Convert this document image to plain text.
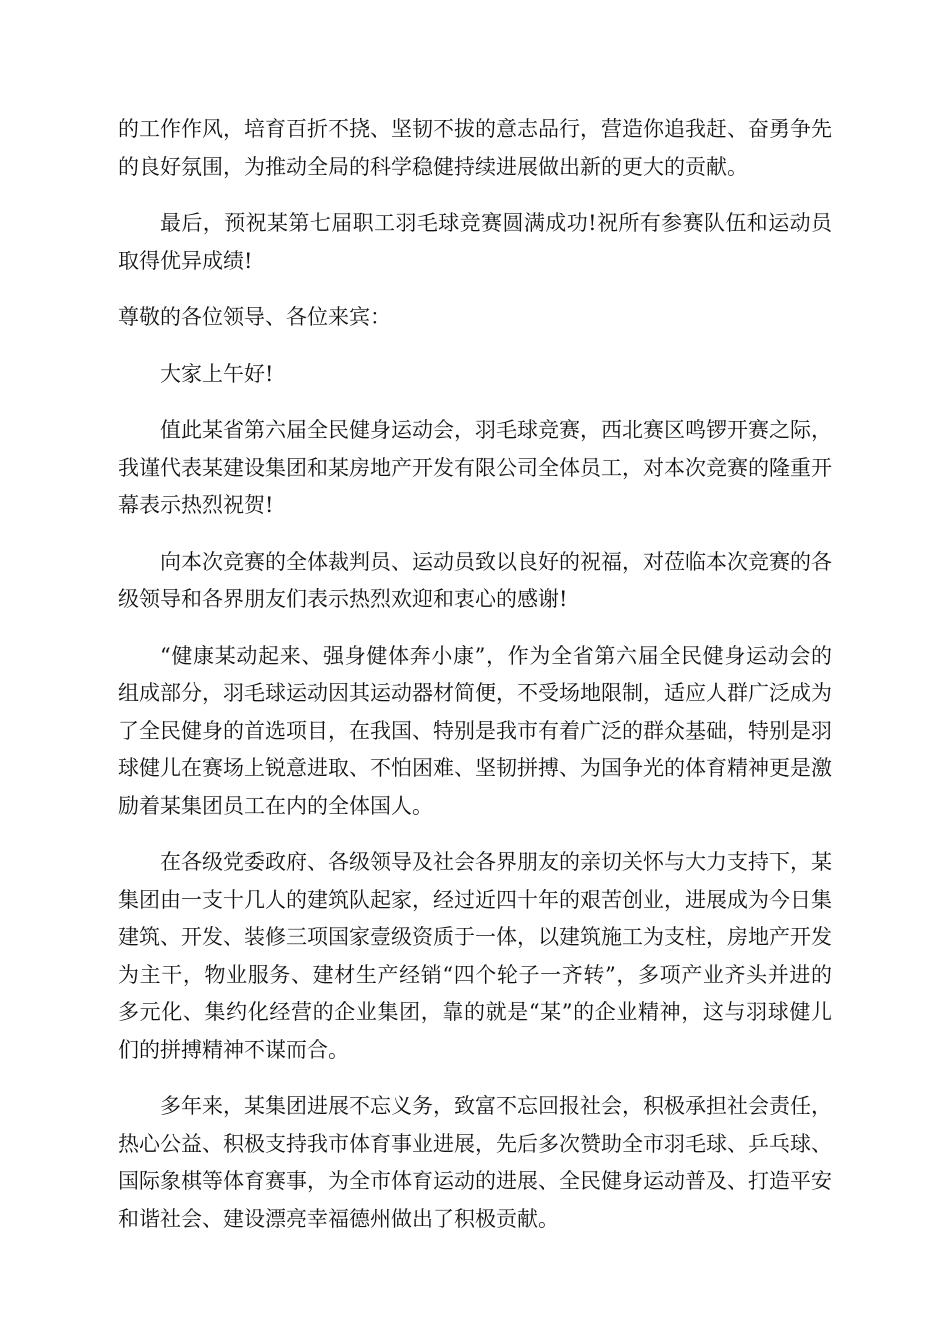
的工作作风，培育百折不挠、坚韧不拔的意志品行，营造你追我赶、奋勇争先的良好氛围，为推动全局的科学稳健持续进展做出新的更大的贡献。

最后，预祝某第七届职工羽毛球竞赛圆满成功!祝所有参赛队伍和运动员取得优异成绩!

尊敬的各位领导、各位来宾：

大家上午好!

值此某省第六届全民健身运动会，羽毛球竞赛，西北赛区鸣锣开赛之际，我谨代表某建设集团和某房地产开发有限公司全体员工，对本次竞赛的隆重开幕表示热烈祝贺!

向本次竞赛的全体裁判员、运动员致以良好的祝福，对莅临本次竞赛的各级领导和各界朋友们表示热烈欢迎和衷心的感谢!

“健康某动起来、强身健体奔小康”，作为全省第六届全民健身运动会的组成部分，羽毛球运动因其运动器材简便，不受场地限制，适应人群广泛成为了全民健身的首选项目，在我国、特别是我市有着广泛的群众基础，特别是羽球健儿在赛场上锐意进取、不怕困难、坚韧拼搏、为国争光的体育精神更是激励着某集团员工在内的全体国人。

在各级党委政府、各级领导及社会各界朋友的亲切关怀与大力支持下，某集团由一支十几人的建筑队起家，经过近四十年的艰苦创业，进展成为今日集建筑、开发、装修三项国家壹级资质于一体，以建筑施工为支柱，房地产开发为主干，物业服务、建材生产经销“四个轮子一齐转”，多项产业齐头并进的多元化、集约化经营的企业集团，靠的就是“某”的企业精神，这与羽球健儿们的拼搏精神不谋而合。

多年来，某集团进展不忘义务，致富不忘回报社会，积极承担社会责任，热心公益、积极支持我市体育事业进展，先后多次赞助全市羽毛球、乒乓球、国际象棋等体育赛事，为全市体育运动的进展、全民健身运动普及、打造平安和谐社会、建设漂亮幸福德州做出了积极贡献。
